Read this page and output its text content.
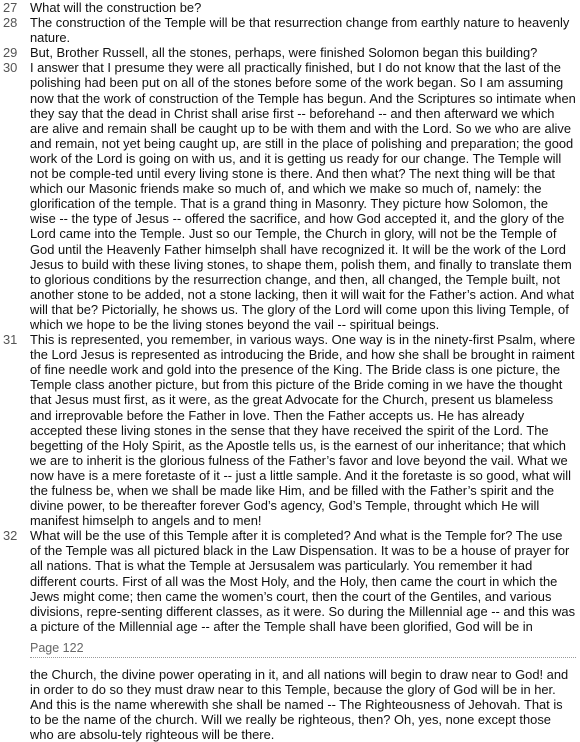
27 What will the construction be?
28 The construction of the Temple will be that resurrection change from earthly nature to heavenly nature.
29 But, Brother Russell, all the stones, perhaps, were finished Solomon began this building?
30 I answer that I presume they were all practically finished, but I do not know that the last of the polishing had been put on all of the stones before some of the work began. So I am assuming now that the work of construction of the Temple has begun. And the Scriptures so intimate when they say that the dead in Christ shall arise first -- beforehand -- and then afterward we which are alive and remain shall be caught up to be with them and with the Lord. So we who are alive and remain, not yet being caught up, are still in the place of polishing and preparation; the good work of the Lord is going on with us, and it is getting us ready for our change. The Temple will not be comple-ted until every living stone is there. And then what? The next thing will be that which our Masonic friends make so much of, and which we make so much of, namely: the glorification of the temple. That is a grand thing in Masonry. They picture how Solomon, the wise -- the type of Jesus -- offered the sacrifice, and how God accepted it, and the glory of the Lord came into the Temple. Just so our Temple, the Church in glory, will not be the Temple of God until the Heavenly Father himselph shall have recognized it. It will be the work of the Lord Jesus to build with these living stones, to shape them, polish them, and finally to translate them to glorious conditions by the resurrection change, and then, all changed, the Temple built, not another stone to be added, not a stone lacking, then it will wait for the Father’s action. And what will that be? Pictorially, he shows us. The glory of the Lord will come upon this living Temple, of which we hope to be the living stones beyond the vail -- spiritual beings.
31 This is represented, you remember, in various ways. One way is in the ninety-first Psalm, where the Lord Jesus is represented as introducing the Bride, and how she shall be brought in raiment of fine needle work and gold into the presence of the King. The Bride class is one picture, the Temple class another picture, but from this picture of the Bride coming in we have the thought that Jesus must first, as it were, as the great Advocate for the Church, present us blameless and irreprovable before the Father in love. Then the Father accepts us. He has already accepted these living stones in the sense that they have received the spirit of the Lord. The begetting of the Holy Spirit, as the Apostle tells us, is the earnest of our inheritance; that which we are to inherit is the glorious fulness of the Father’s favor and love beyond the vail. What we now have is a mere foretaste of it -- just a little sample. And it the foretaste is so good, what will the fulness be, when we shall be made like Him, and be filled with the Father’s spirit and the divine power, to be thereafter forever God’s agency, God’s Temple, throught which He will manifest himselph to angels and to men!
32 What will be the use of this Temple after it is completed? And what is the Temple for? The use of the Temple was all pictured black in the Law Dispensation. It was to be a house of prayer for all nations. That is what the Temple at Jersusalem was particularly. You remember it had different courts. First of all was the Most Holy, and the Holy, then came the court in which the Jews might come; then came the women’s court, then the court of the Gentiles, and various divisions, repre-senting different classes, as it were. So during the Millennial age -- and this was a picture of the Millennial age -- after the Temple shall have been glorified, God will be in
Page 122
the Church, the divine power operating in it, and all nations will begin to draw near to God! and in order to do so they must draw near to this Temple, because the glory of God will be in her. And this is the name wherewith she shall be named -- The Righteousness of Jehovah. That is to be the name of the church. Will we really be righteous, then? Oh, yes, none except those who are absolu-tely righteous will be there.
